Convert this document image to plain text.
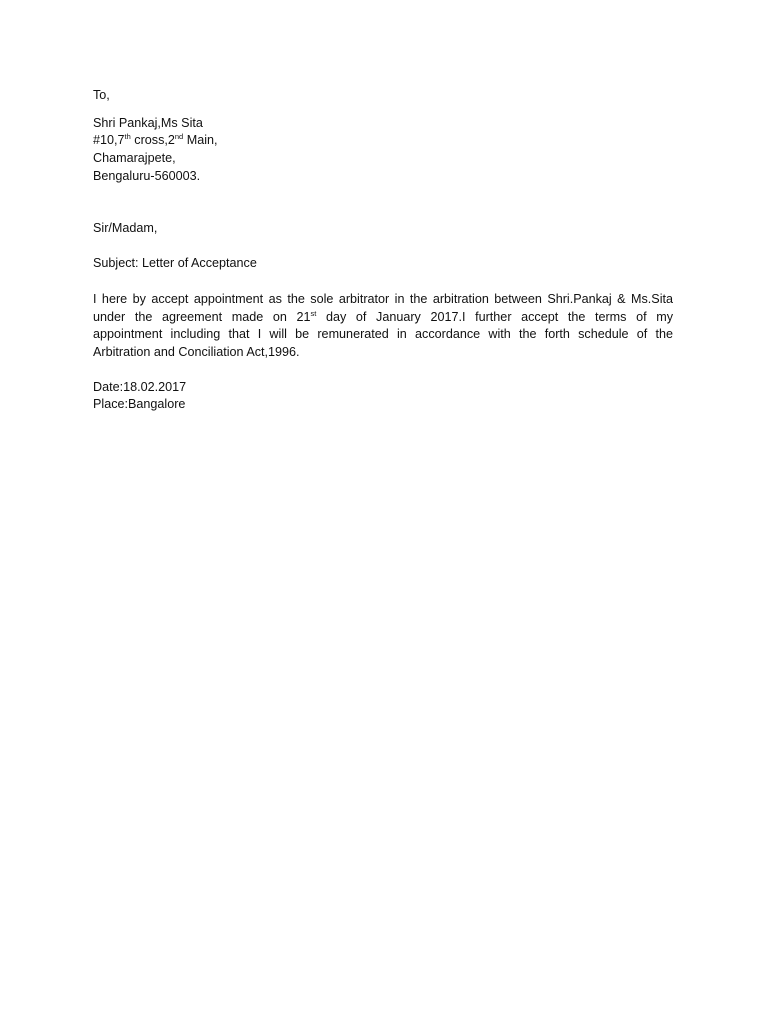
To,
Shri Pankaj,Ms Sita
#10,7th cross,2nd Main,
Chamarajpete,
Bengaluru-560003.
Sir/Madam,
Subject: Letter of Acceptance
I here by accept appointment as the sole arbitrator in the arbitration between Shri.Pankaj & Ms.Sita
under the agreement made on 21st day of January 2017.I further accept the terms of my
appointment including that I will be remunerated in accordance with the forth schedule of the
Arbitration and Conciliation Act,1996.
Date:18.02.2017
Place:Bangalore
